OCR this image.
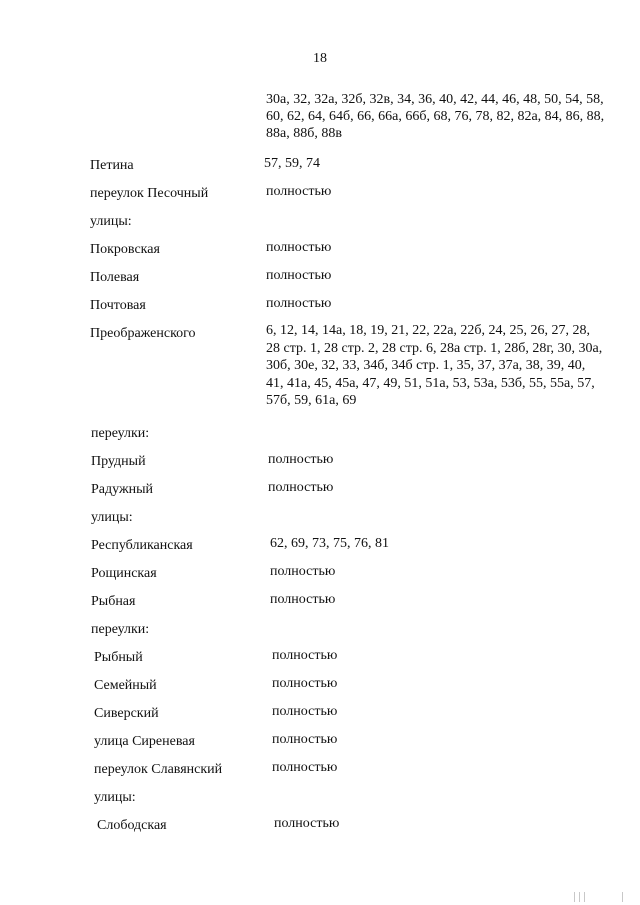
18
30а, 32, 32а, 32б, 32в, 34, 36, 40, 42, 44, 46, 48, 50, 54, 58, 60, 62, 64, 64б, 66, 66а, 66б, 68, 76, 78, 82, 82а, 84, 86, 88, 88а, 88б, 88в
Петина	57, 59, 74
переулок Песочный	полностью
улицы:
Покровская	полностью
Полевая	полностью
Почтовая	полностью
Преображенского	6, 12, 14, 14а, 18, 19, 21, 22, 22а, 22б, 24, 25, 26, 27, 28, 28 стр. 1, 28 стр. 2, 28 стр. 6, 28а стр. 1, 28б, 28г, 30, 30а, 30б, 30е, 32, 33, 34б, 34б стр. 1, 35, 37, 37а, 38, 39, 40, 41, 41а, 45, 45а, 47, 49, 51, 51а, 53, 53а, 53б, 55, 55а, 57, 57б, 59, 61а, 69
переулки:
Прудный	полностью
Радужный	полностью
улицы:
Республиканская	62, 69, 73, 75, 76, 81
Рощинская	полностью
Рыбная	полностью
переулки:
Рыбный	полностью
Семейный	полностью
Сиверский	полностью
улица Сиреневая	полностью
переулок Славянский	полностью
улицы:
Слободская	полностью
